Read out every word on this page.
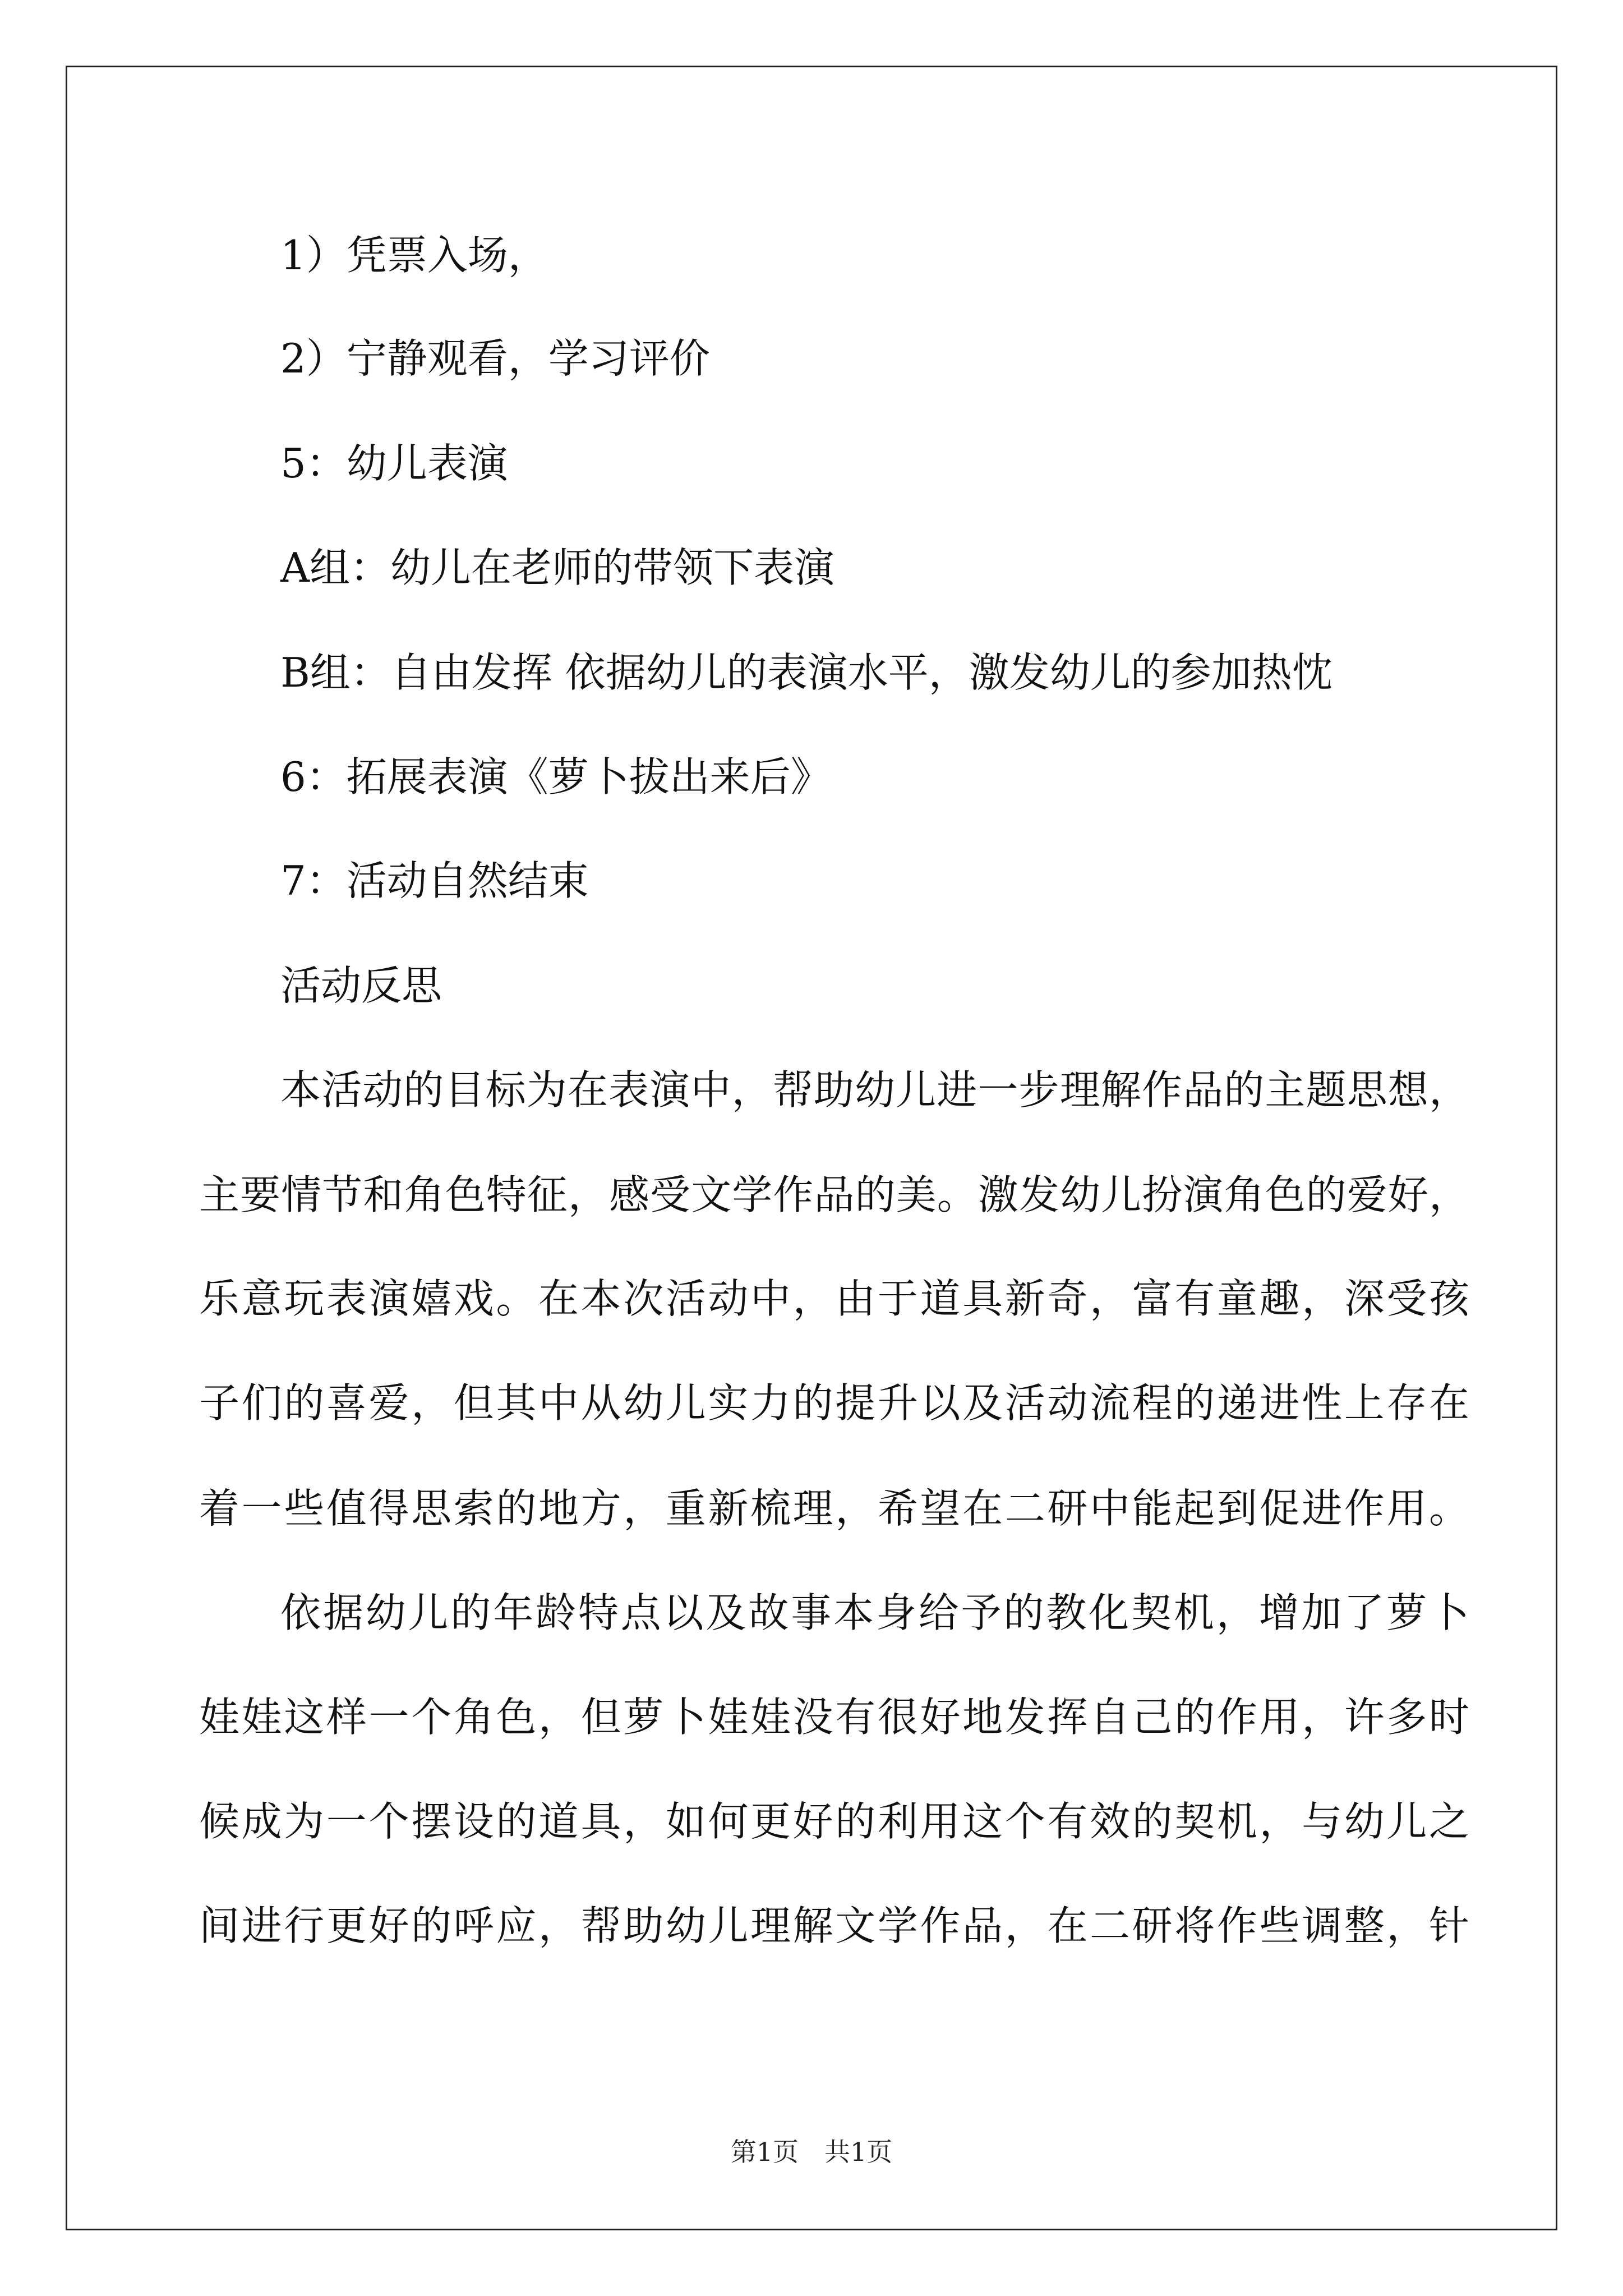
1）凭票入场，
2）宁静观看，学习评价
5：幼儿表演
A组：幼儿在老师的带领下表演
B组：自由发挥 依据幼儿的表演水平，激发幼儿的参加热忱
6：拓展表演《萝卜拔出来后》
7：活动自然结束
活动反思
本活动的目标为在表演中，帮助幼儿进一步理解作品的主题思想，
主要情节和角色特征，感受文学作品的美。激发幼儿扮演角色的爱好，
乐意玩表演嬉戏。在本次活动中，由于道具新奇，富有童趣，深受孩
子们的喜爱，但其中从幼儿实力的提升以及活动流程的递进性上存在
着一些值得思索的地方，重新梳理，希望在二研中能起到促进作用。
依据幼儿的年龄特点以及故事本身给予的教化契机，增加了萝卜
娃娃这样一个角色，但萝卜娃娃没有很好地发挥自己的作用，许多时
候成为一个摆设的道具，如何更好的利用这个有效的契机，与幼儿之
间进行更好的呼应，帮助幼儿理解文学作品，在二研将作些调整，针
第1页 共1页
